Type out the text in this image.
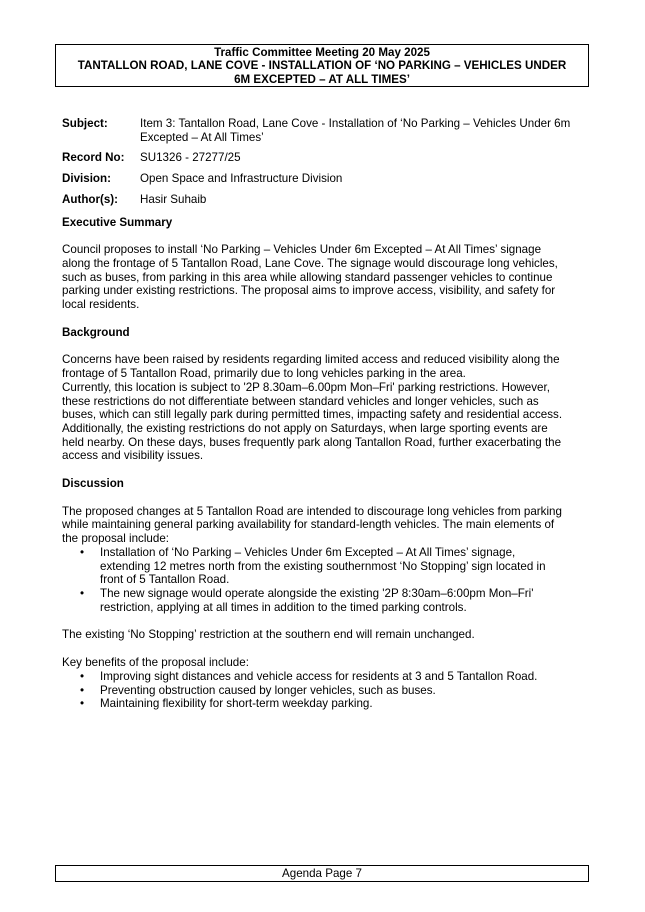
Traffic Committee Meeting 20 May 2025
TANTALLON ROAD, LANE COVE - INSTALLATION OF ‘NO PARKING – VEHICLES UNDER
6M EXCEPTED – AT ALL TIMES’
Subject:	Item 3: Tantallon Road, Lane Cove - Installation of ‘No Parking – Vehicles Under 6m Excepted – At All Times’
Record No:	SU1326 - 27277/25
Division:	Open Space and Infrastructure Division
Author(s):	Hasir Suhaib
Executive Summary

Council proposes to install ‘No Parking – Vehicles Under 6m Excepted – At All Times’ signage
along the frontage of 5 Tantallon Road, Lane Cove. The signage would discourage long vehicles,
such as buses, from parking in this area while allowing standard passenger vehicles to continue
parking under existing restrictions. The proposal aims to improve access, visibility, and safety for
local residents.

Background

Concerns have been raised by residents regarding limited access and reduced visibility along the
frontage of 5 Tantallon Road, primarily due to long vehicles parking in the area.
Currently, this location is subject to '2P 8.30am–6.00pm Mon–Fri' parking restrictions. However,
these restrictions do not differentiate between standard vehicles and longer vehicles, such as
buses, which can still legally park during permitted times, impacting safety and residential access.
Additionally, the existing restrictions do not apply on Saturdays, when large sporting events are
held nearby. On these days, buses frequently park along Tantallon Road, further exacerbating the
access and visibility issues.

Discussion

The proposed changes at 5 Tantallon Road are intended to discourage long vehicles from parking
while maintaining general parking availability for standard-length vehicles. The main elements of
the proposal include:

• Installation of ‘No Parking – Vehicles Under 6m Excepted – At All Times’ signage,
extending 12 metres north from the existing southernmost ‘No Stopping’ sign located in
front of 5 Tantallon Road.
• The new signage would operate alongside the existing '2P 8:30am–6:00pm Mon–Fri'
restriction, applying at all times in addition to the timed parking controls.

The existing ‘No Stopping’ restriction at the southern end will remain unchanged.

Key benefits of the proposal include:

• Improving sight distances and vehicle access for residents at 3 and 5 Tantallon Road.
• Preventing obstruction caused by longer vehicles, such as buses.
• Maintaining flexibility for short-term weekday parking.
Agenda Page 7
